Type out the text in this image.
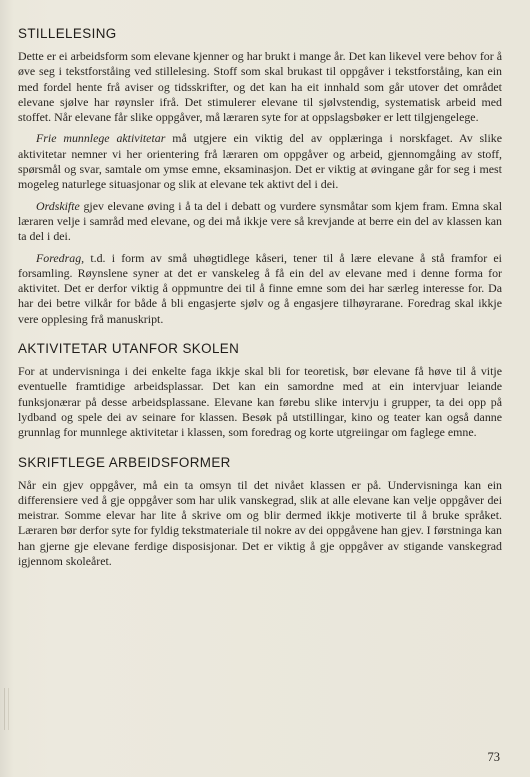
STILLELESING

Dette er ei arbeidsform som elevane kjenner og har brukt i mange år. Det kan likevel vere behov for å øve seg i tekstforståing ved stillelesing. Stoff som skal brukast til oppgåver i tekstforståing, kan ein med fordel hente frå aviser og tidsskrifter, og det kan ha eit innhald som går utover det området elevane sjølve har røynsler ifrå. Det stimulerer elevane til sjølvstendig, systematisk arbeid med stoffet. Når elevane får slike oppgåver, må læraren syte for at oppslagsbøker er lett tilgjengelege.

Frie munnlege aktivitetar må utgjere ein viktig del av opplæringa i norskfaget. Av slike aktivitetar nemner vi her orientering frå læraren om oppgåver og arbeid, gjennomgåing av stoff, spørsmål og svar, samtale om ymse emne, eksaminasjon. Det er viktig at øvingane går for seg i mest mogeleg naturlege situasjonar og slik at elevane tek aktivt del i dei.

Ordskifte gjev elevane øving i å ta del i debatt og vurdere synsmåtar som kjem fram. Emna skal læraren velje i samråd med elevane, og dei må ikkje vere så krevjande at berre ein del av klassen kan ta del i dei.

Foredrag, t.d. i form av små uhøgtidlege kåseri, tener til å lære elevane å stå framfor ei forsamling. Røynslene syner at det er vanskeleg å få ein del av elevane med i denne forma for aktivitet. Det er derfor viktig å oppmuntre dei til å finne emne som dei har særleg interesse for. Da har dei betre vilkår for både å bli engasjerte sjølv og å engasjere tilhøyrarane. Foredrag skal ikkje vere opplesing frå manuskript.

AKTIVITETAR UTANFOR SKOLEN

For at undervisninga i dei enkelte faga ikkje skal bli for teoretisk, bør elevane få høve til å vitje eventuelle framtidige arbeidsplassar. Det kan ein samordne med at ein intervjuar leiande funksjonærar på desse arbeidsplassane. Elevane kan førebu slike intervju i grupper, ta dei opp på lydband og spele dei av seinare for klassen. Besøk på utstillingar, kino og teater kan også danne grunnlag for munnlege aktivitetar i klassen, som foredrag og korte utgreiingar om faglege emne.

SKRIFTLEGE ARBEIDSFORMER

Når ein gjev oppgåver, må ein ta omsyn til det nivået klassen er på. Undervisninga kan ein differensiere ved å gje oppgåver som har ulik vanskegrad, slik at alle elevane kan velje oppgåver dei meistrar. Somme elevar har lite å skrive om og blir dermed ikkje motiverte til å bruke språket. Læraren bør derfor syte for fyldig tekstmateriale til nokre av dei oppgåvene han gjev. I førstninga kan han gjerne gje elevane ferdige disposisjonar. Det er viktig å gje oppgåver av stigande vanskegrad igjennom skoleåret.

73
